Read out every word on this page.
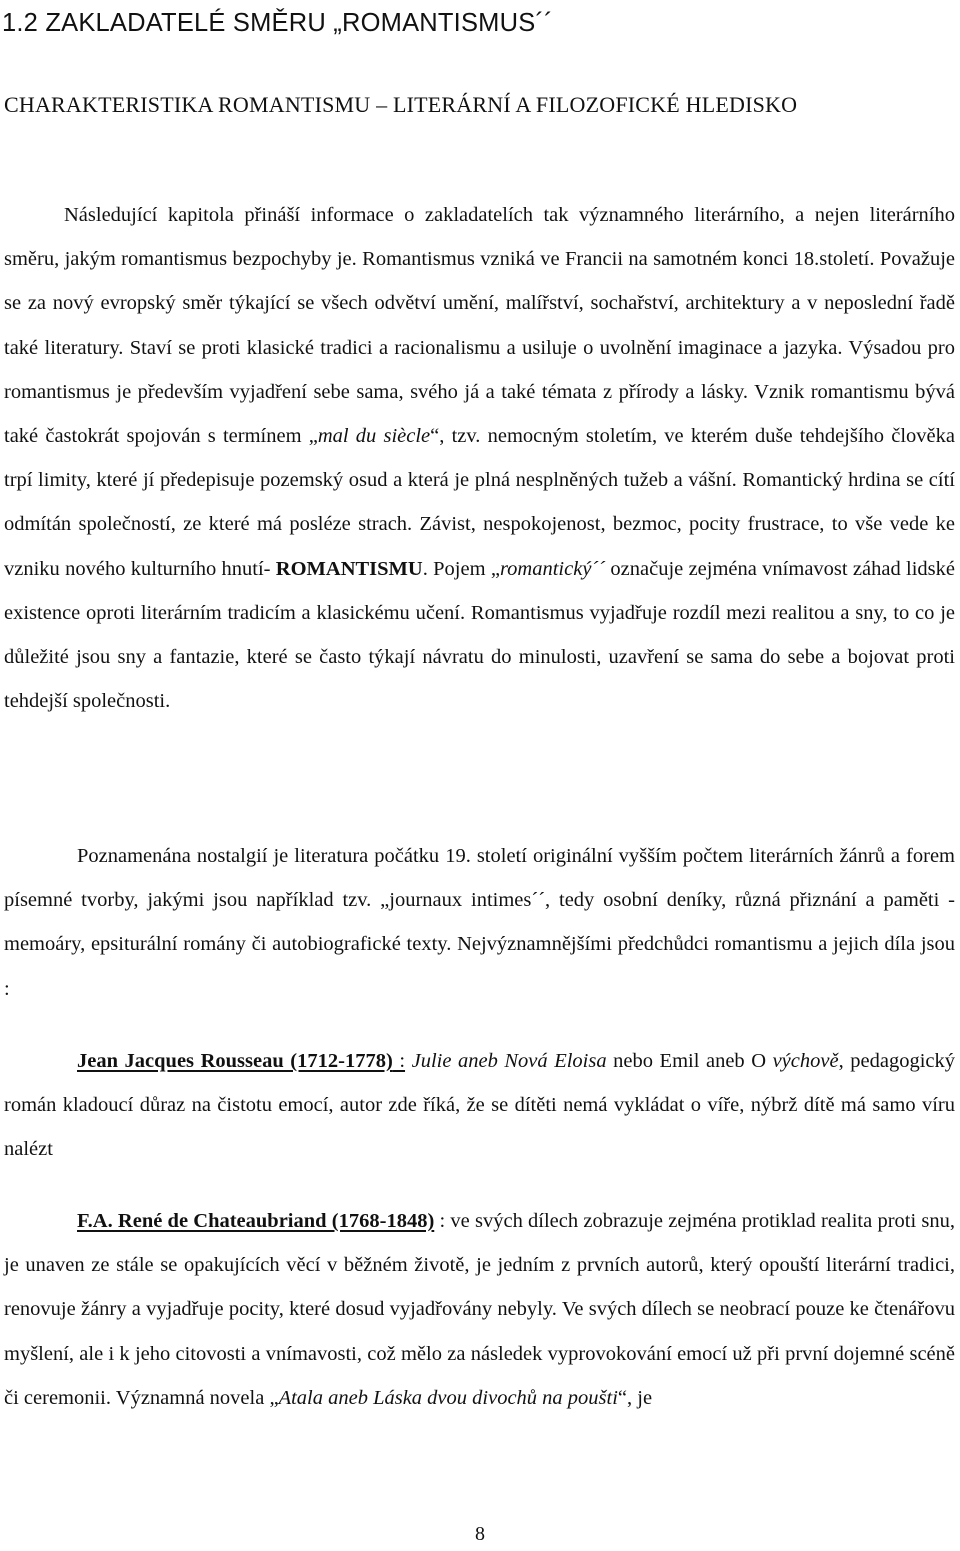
1.2 ZAKLADATELÉ SMĚRU „ROMANTISMUS´´
CHARAKTERISTIKA ROMANTISMU – LITERÁRNÍ A FILOZOFICKÉ HLEDISKO

Následující kapitola přináší informace o zakladatelích tak významného literárního, a nejen literárního směru, jakým romantismus bezpochyby je. Romantismus vzniká ve Francii na samotném konci 18.století. Považuje se za nový evropský směr týkající se všech odvětví umění, malířství, sochařství, architektury a v neposlední řadě také literatury. Staví se proti klasické tradici a racionalismu a usiluje o uvolnění imaginace a jazyka. Výsadou pro romantismus je především vyjadření sebe sama, svého já a také témata z přírody a lásky. Vznik romantismu bývá také častokrát spojován s termínem „mal du siècle“, tzv. nemocným stoletím, ve kterém duše tehdejšího člověka trpí limity, které jí předepisuje pozemský osud a která je plná nesplněných tužeb a vášní. Romantický hrdina se cítí odmítán společností, ze které má posléze strach. Závist, nespokojenost, bezmoc, pocity frustrace, to vše vede ke vzniku nového kulturního hnutí- ROMANTISMU. Pojem „romantický´´ označuje zejména vnímavost záhad lidské existence oproti literárním tradicím a klasickému učení. Romantismus vyjadřuje rozdíl mezi realitou a sny, to co je důležité jsou sny a fantazie, které se často týkají návratu do minulosti, uzavření se sama do sebe a bojovat proti tehdejší společnosti.

Poznamenána nostalgií je literatura počátku 19. století originální vyšším počtem literárních žánrů a forem písemné tvorby, jakými jsou například tzv. „journaux intimes´´, tedy osobní deníky, různá přiznání a paměti - memoáry, epsiturální romány či autobiografické texty. Nejvýznamnějšími předchůdci romantismu a jejich díla jsou :

Jean Jacques Rousseau (1712-1778) : Julie aneb Nová Eloisa nebo Emil aneb O výchově, pedagogický román kladoucí důraz na čistotu emocí, autor zde říká, že se dítěti nemá vykládat o víře, nýbrž dítě má samo víru nalézt

F.A. René de Chateaubriand (1768-1848) : ve svých dílech zobrazuje zejména protiklad realita proti snu, je unaven ze stále se opakujících věcí v běžném životě, je jedním z prvních autorů, který opouští literární tradici, renovuje žánry a vyjadřuje pocity, které dosud vyjadřovány nebyly. Ve svých dílech se neobrací pouze ke čtenářovu myšlení, ale i k jeho citovosti a vnímavosti, což mělo za následek vyprovokování emocí už při první dojemné scéně či ceremonii. Významná novela „Atala aneb Láska dvou divochů na poušti“, je

8
